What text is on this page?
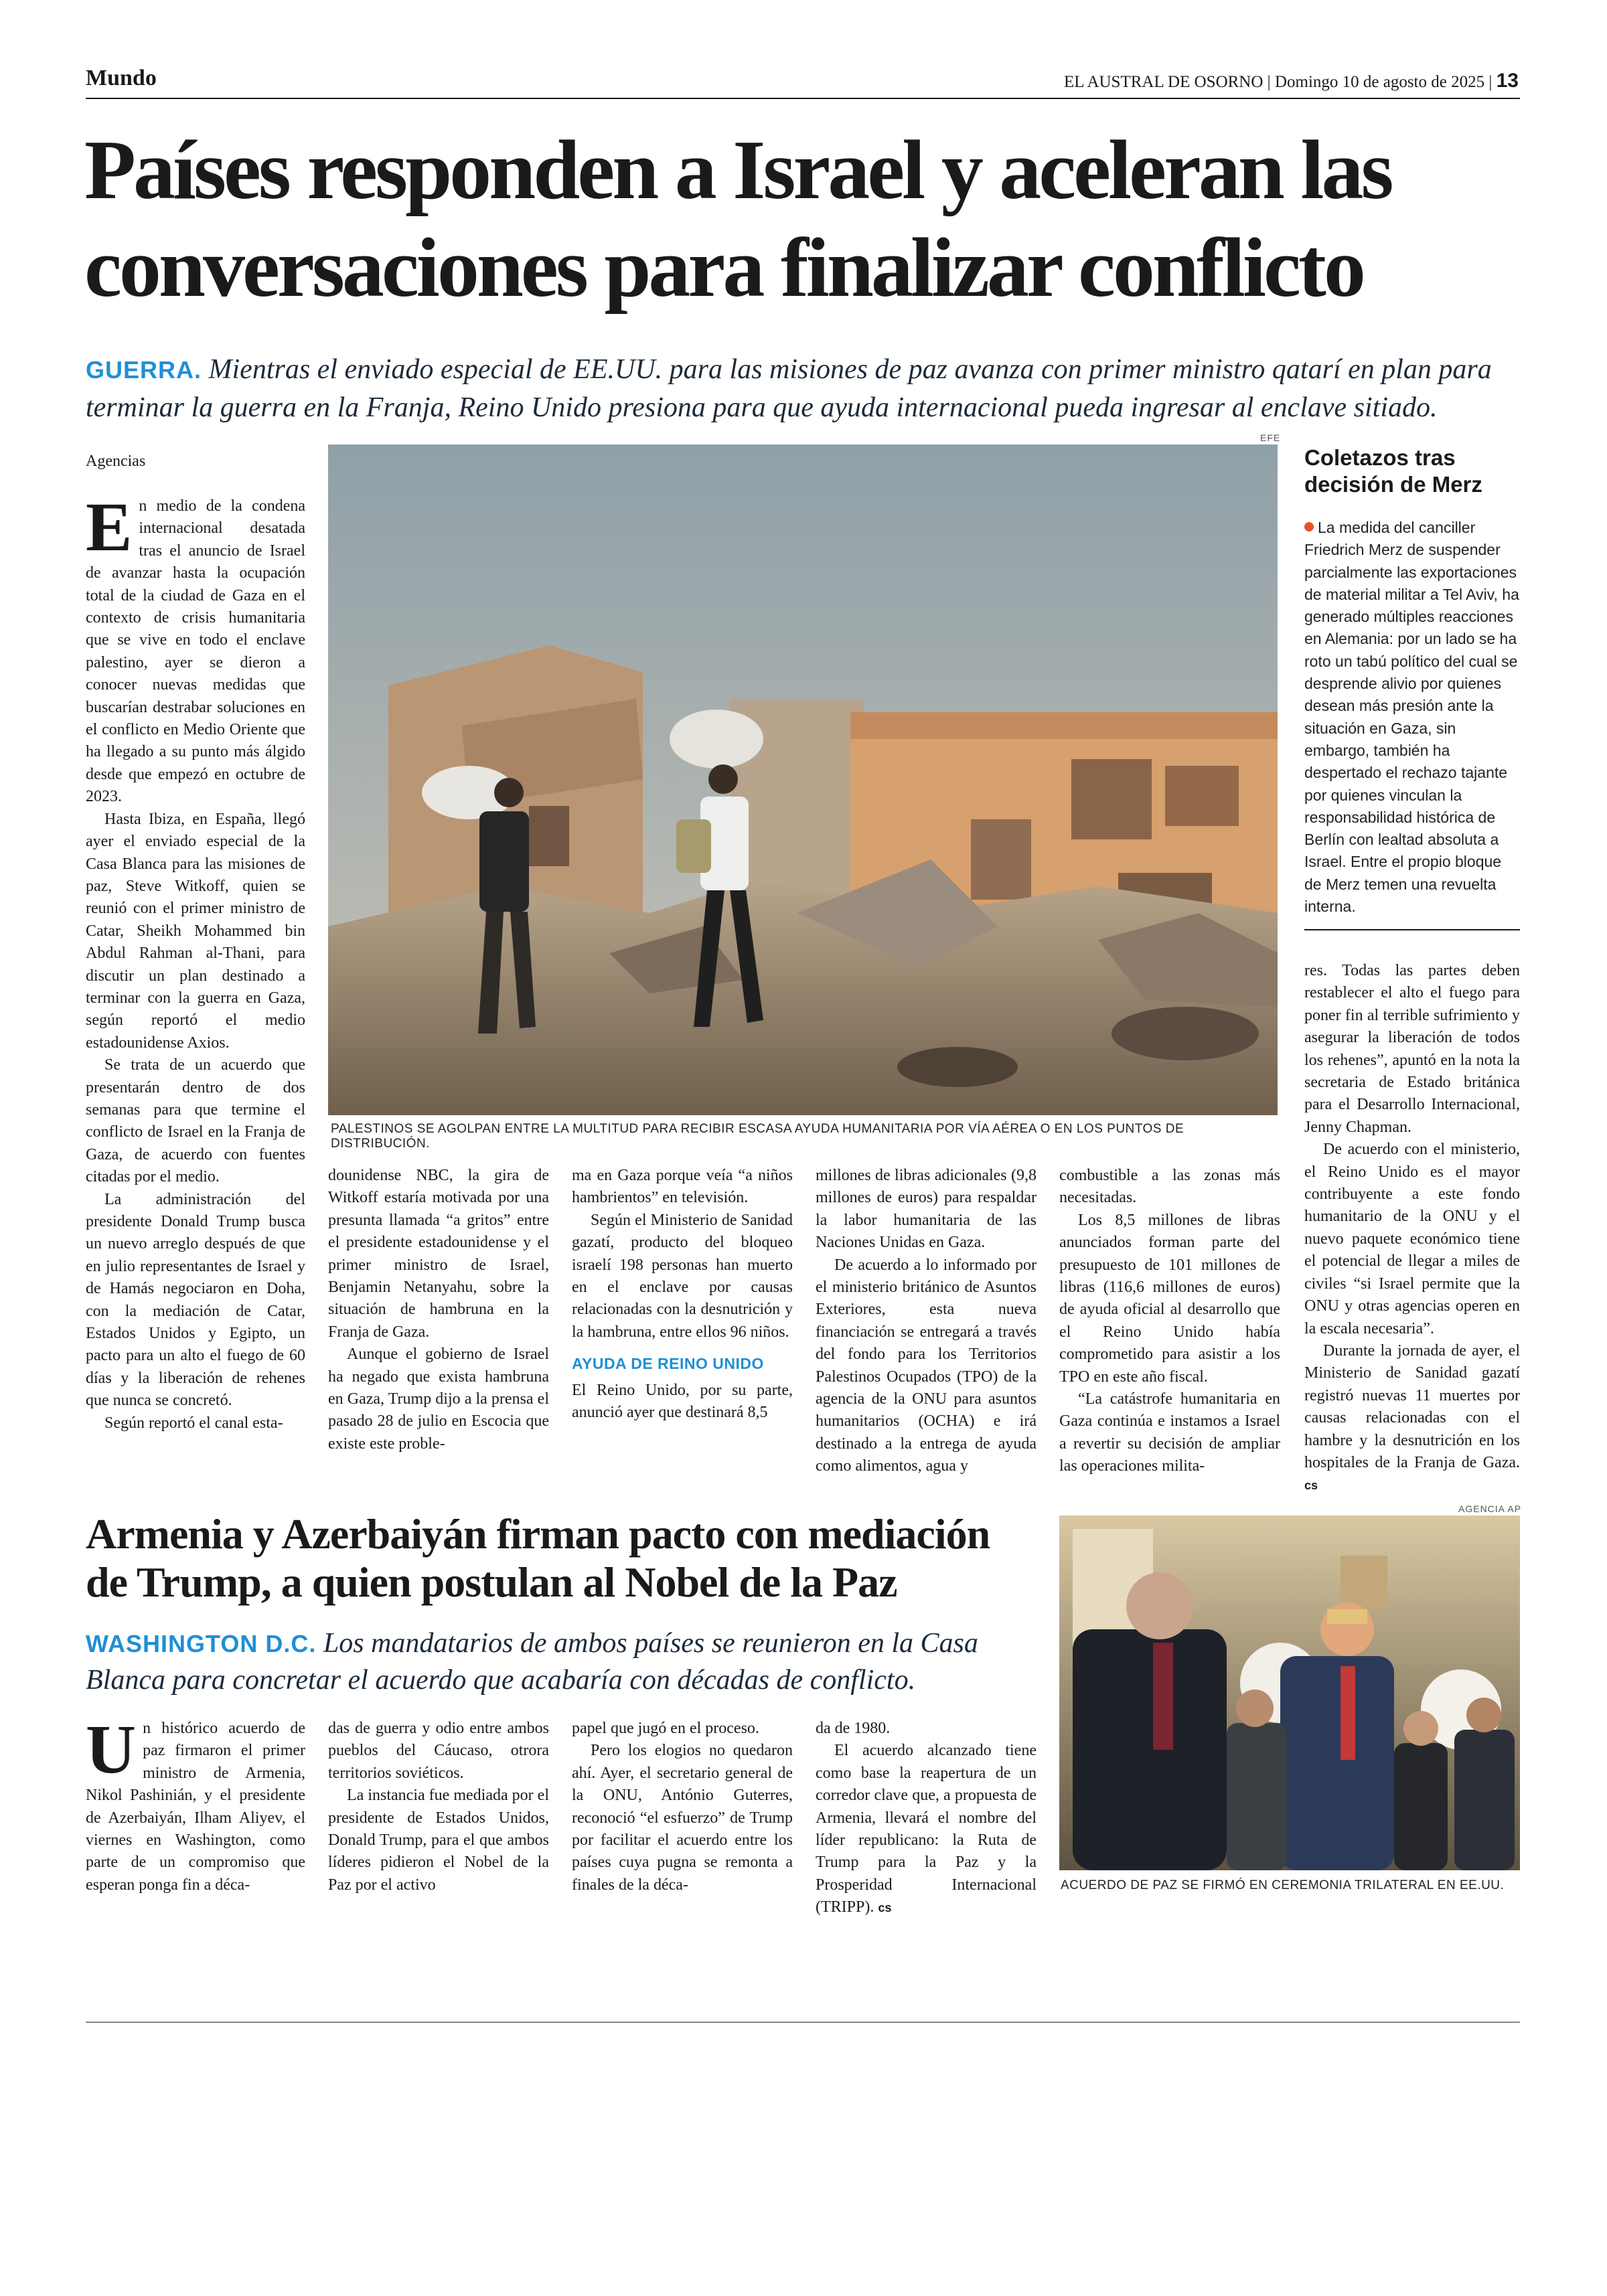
Mundo	EL AUSTRAL DE OSORNO | Domingo 10 de agosto de 2025 | 13
Países responden a Israel y aceleran las conversaciones para finalizar conflicto
GUERRA. Mientras el enviado especial de EE.UU. para las misiones de paz avanza con primer ministro qatarí en plan para terminar la guerra en la Franja, Reino Unido presiona para que ayuda internacional pueda ingresar al enclave sitiado.
Agencias
EFE
PALESTINOS SE AGOLPAN ENTRE LA MULTITUD PARA RECIBIR ESCASA AYUDA HUMANITARIA POR VÍA AÉREA O EN LOS PUNTOS DE DISTRIBUCIÓN.
E n medio de la condena internacional desatada tras el anuncio de Israel de avanzar hasta la ocupación total de la ciudad de Gaza en el contexto de crisis humanitaria que se vive en todo el enclave palestino, ayer se dieron a conocer nuevas medidas que buscarían destrabar soluciones en el conflicto en Medio Oriente que ha llegado a su punto más álgido desde que empezó en octubre de 2023.

Hasta Ibiza, en España, llegó ayer el enviado especial de la Casa Blanca para las misiones de paz, Steve Witkoff, quien se reunió con el primer ministro de Catar, Sheikh Mohammed bin Abdul Rahman al-Thani, para discutir un plan destinado a terminar con la guerra en Gaza, según reportó el medio estadounidense Axios.

Se trata de un acuerdo que presentarán dentro de dos semanas para que termine el conflicto de Israel en la Franja de Gaza, de acuerdo con fuentes citadas por el medio.

La administración del presidente Donald Trump busca un nuevo arreglo después de que en julio representantes de Israel y de Hamás negociaron en Doha, con la mediación de Catar, Estados Unidos y Egipto, un pacto para un alto el fuego de 60 días y la liberación de rehenes que nunca se concretó.

Según reportó el canal esta-

dounidense NBC, la gira de Witkoff estaría motivada por una presunta llamada “a gritos” entre el presidente estadounidense y el primer ministro de Israel, Benjamin Netanyahu, sobre la situación de hambruna en la Franja de Gaza.

Aunque el gobierno de Israel ha negado que exista hambruna en Gaza, Trump dijo a la prensa el pasado 28 de julio en Escocia que existe este proble-

ma en Gaza porque veía “a niños hambrientos” en televisión.

Según el Ministerio de Sanidad gazatí, producto del bloqueo israelí 198 personas han muerto en el enclave por causas relacionadas con la desnutrición y la hambruna, entre ellos 96 niños.

AYUDA DE REINO UNIDO

El Reino Unido, por su parte, anunció ayer que destinará 8,5

millones de libras adicionales (9,8 millones de euros) para respaldar la labor humanitaria de las Naciones Unidas en Gaza.

De acuerdo a lo informado por el ministerio británico de Asuntos Exteriores, esta nueva financiación se entregará a través del fondo para los Territorios Palestinos Ocupados (TPO) de la agencia de la ONU para asuntos humanitarios (OCHA) e irá destinado a la entrega de ayuda como alimentos, agua y

combustible a las zonas más necesitadas.

Los 8,5 millones de libras anunciados forman parte del presupuesto de 101 millones de libras (116,6 millones de euros) de ayuda oficial al desarrollo que el Reino Unido había comprometido para asistir a los TPO en este año fiscal.

“La catástrofe humanitaria en Gaza continúa e instamos a Israel a revertir su decisión de ampliar las operaciones milita-

res. Todas las partes deben restablecer el alto el fuego para poner fin al terrible sufrimiento y asegurar la liberación de todos los rehenes”, apuntó en la nota la secretaria de Estado británica para el Desarrollo Internacional, Jenny Chapman.

De acuerdo con el ministerio, el Reino Unido es el mayor contribuyente a este fondo humanitario de la ONU y el nuevo paquete económico tiene el potencial de llegar a miles de civiles “si Israel permite que la ONU y otras agencias operen en la escala necesaria”.

Durante la jornada de ayer, el Ministerio de Sanidad gazatí registró nuevas 11 muertes por causas relacionadas con el hambre y la desnutrición en los hospitales de la Franja de Gaza. cs

Coletazos tras decisión de Merz
La medida del canciller Friedrich Merz de suspender parcialmente las exportaciones de material militar a Tel Aviv, ha generado múltiples reacciones en Alemania: por un lado se ha roto un tabú político del cual se desprende alivio por quienes desean más presión ante la situación en Gaza, sin embargo, también ha despertado el rechazo tajante por quienes vinculan la responsabilidad histórica de Berlín con lealtad absoluta a Israel. Entre el propio bloque de Merz temen una revuelta interna.
Armenia y Azerbaiyán firman pacto con mediación de Trump, a quien postulan al Nobel de la Paz
WASHINGTON D.C. Los mandatarios de ambos países se reunieron en la Casa Blanca para concretar el acuerdo que acabaría con décadas de conflicto.
U n histórico acuerdo de paz firmaron el primer ministro de Armenia, Nikol Pashinián, y el presidente de Azerbaiyán, Ilham Aliyev, el viernes en Washington, como parte de un compromiso que esperan ponga fin a déca-

das de guerra y odio entre ambos pueblos del Cáucaso, otrora territorios soviéticos.

La instancia fue mediada por el presidente de Estados Unidos, Donald Trump, para el que ambos líderes pidieron el Nobel de la Paz por el activo

papel que jugó en el proceso.

Pero los elogios no quedaron ahí. Ayer, el secretario general de la ONU, António Guterres, reconoció “el esfuerzo” de Trump por facilitar el acuerdo entre los países cuya pugna se remonta a finales de la déca-

da de 1980.

El acuerdo alcanzado tiene como base la reapertura de un corredor clave que, a propuesta de Armenia, llevará el nombre del líder republicano: la Ruta de Trump para la Paz y la Prosperidad Internacional (TRIPP). cs

AGENCIA AP
ACUERDO DE PAZ SE FIRMÓ EN CEREMONIA TRILATERAL EN EE.UU.
